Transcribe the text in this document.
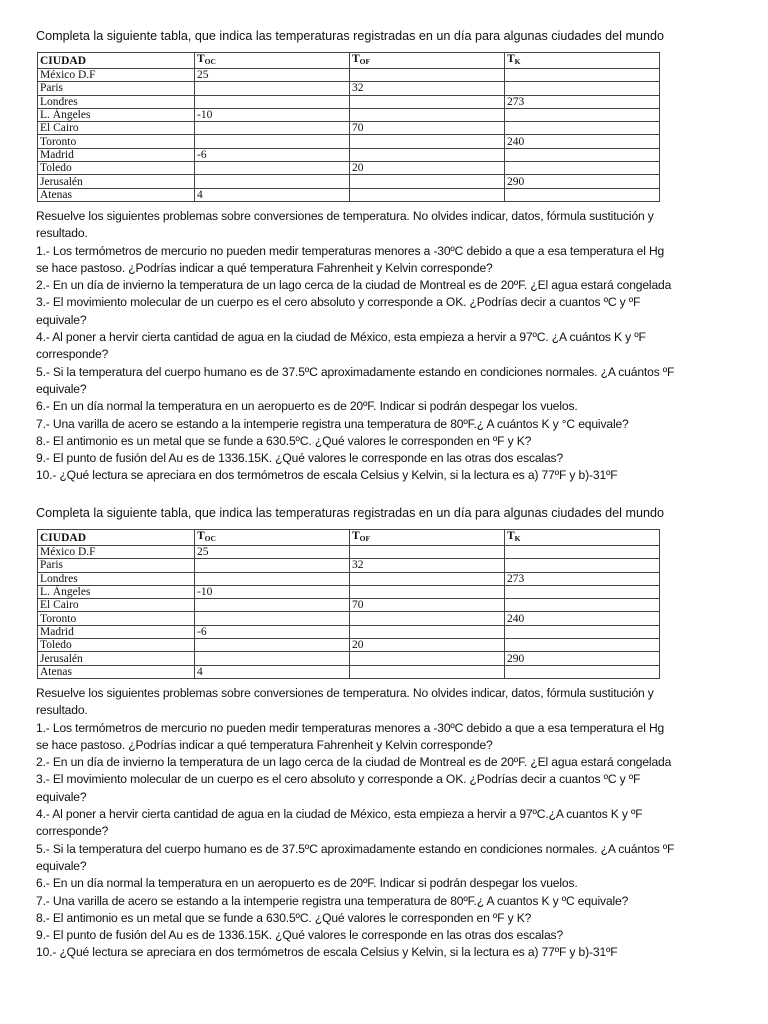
Completa la siguiente tabla, que indica las temperaturas registradas en un día para algunas ciudades del mundo

CIUDAD	$T_{OC}$	$T_{OF}$	$T_K$
México D.F	25		
Paris		32	
Londres			273
L. Ángeles	-10		
El Cairo		70	
Toronto			240
Madrid	-6		
Toledo		20	
Jerusalén			290
Atenas	4		
Resuelve los siguientes problemas sobre conversiones de temperatura. No olvides indicar, datos, fórmula sustitución y
resultado.
1.- Los termómetros de mercurio no pueden medir temperaturas menores a -30ºC debido a que a esa temperatura el Hg
se hace pastoso. ¿Podrías indicar a qué temperatura Fahrenheit y Kelvin corresponde?
2.- En un día de invierno la temperatura de un lago cerca de la ciudad de Montreal es de 20ºF. ¿El agua estará congelada
3.- El movimiento molecular de un cuerpo es el cero absoluto y corresponde a OK. ¿Podrías decir a cuantos ºC y ºF
equivale?
4.- Al poner a hervir cierta cantidad de agua en la ciudad de México, esta empieza a hervir a 97ºC. ¿A cuántos K y ºF
corresponde?
5.- Si la temperatura del cuerpo humano es de 37.5ºC aproximadamente estando en condiciones normales. ¿A cuántos ºF
equivale?
6.- En un día normal la temperatura en un aeropuerto es de 20ºF. Indicar si podrán despegar los vuelos.
7.- Una varilla de acero se estando a la intemperie registra una temperatura de 80ºF.¿ A cuántos K y °C equivale?
8.- El antimonio es un metal que se funde a 630.5ºC. ¿Qué valores le corresponden en ºF y K?
9.- El punto de fusión del Au es de 1336.15K. ¿Qué valores le corresponde en las otras dos escalas?
10.- ¿Qué lectura se apreciara en dos termómetros de escala Celsius y Kelvin, si la lectura es a) 77ºF y b)-31ºF

Completa la siguiente tabla, que indica las temperaturas registradas en un día para algunas ciudades del mundo

CIUDAD	$T_{OC}$	$T_{OF}$	$T_K$
México D.F	25		
Paris		32	
Londres			273
L. Ángeles	-10		
El Cairo		70	
Toronto			240
Madrid	-6		
Toledo		20	
Jerusalén			290
Atenas	4		
Resuelve los siguientes problemas sobre conversiones de temperatura. No olvides indicar, datos, fórmula sustitución y
resultado.
1.- Los termómetros de mercurio no pueden medir temperaturas menores a -30ºC debido a que a esa temperatura el Hg
se hace pastoso. ¿Podrías indicar a qué temperatura Fahrenheit y Kelvin corresponde?
2.- En un día de invierno la temperatura de un lago cerca de la ciudad de Montreal es de 20ºF. ¿El agua estará congelada
3.- El movimiento molecular de un cuerpo es el cero absoluto y corresponde a OK. ¿Podrías decir a cuantos ºC y ºF
equivale?
4.- Al poner a hervir cierta cantidad de agua en la ciudad de México, esta empieza a hervir a 97ºC.¿A cuantos K y ºF
corresponde?
5.- Si la temperatura del cuerpo humano es de 37.5ºC aproximadamente estando en condiciones normales. ¿A cuántos ºF
equivale?
6.- En un día normal la temperatura en un aeropuerto es de 20ºF. Indicar si podrán despegar los vuelos.
7.- Una varilla de acero se estando a la intemperie registra una temperatura de 80ºF.¿ A cuantos K y ºC equivale?
8.- El antimonio es un metal que se funde a 630.5ºC. ¿Qué valores le corresponden en ºF y K?
9.- El punto de fusión del Au es de 1336.15K. ¿Qué valores le corresponde en las otras dos escalas?
10.- ¿Qué lectura se apreciara en dos termómetros de escala Celsius y Kelvin, si la lectura es a) 77ºF y b)-31ºF
